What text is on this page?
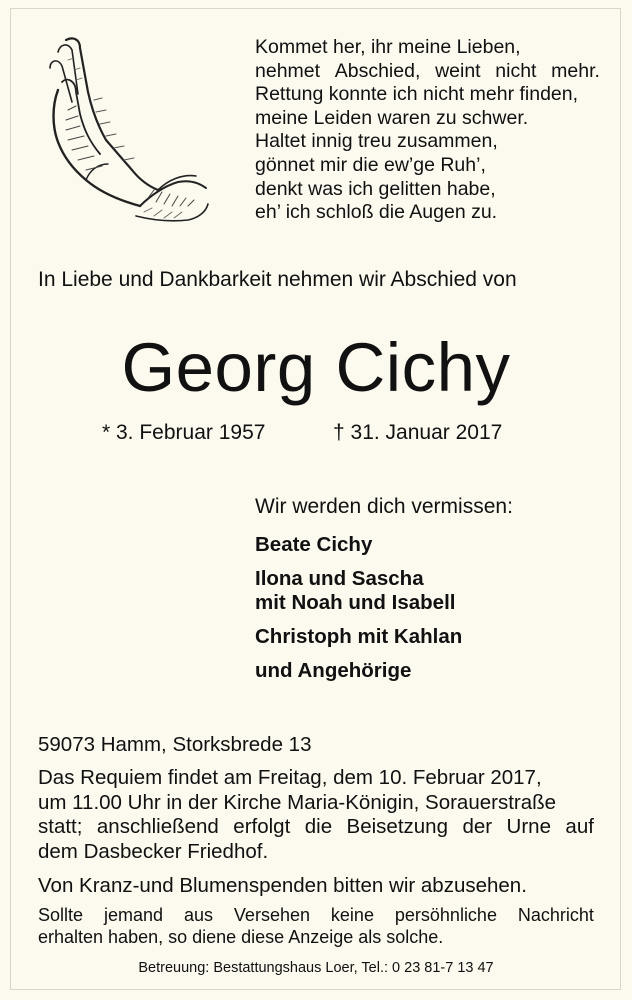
Kommet her, ihr meine Lieben,
nehmet Abschied, weint nicht mehr.
Rettung konnte ich nicht mehr finden,
meine Leiden waren zu schwer.
Haltet innig treu zusammen,
gönnet mir die ew’ge Ruh’,
denkt was ich gelitten habe,
eh’ ich schloß die Augen zu.
In Liebe und Dankbarkeit nehmen wir Abschied von
Georg Cichy
* 3. Februar 1957	† 31. Januar 2017
Wir werden dich vermissen:
Beate Cichy
Ilona und Sascha
mit Noah und Isabell
Christoph mit Kahlan
und Angehörige
59073 Hamm, Storksbrede 13
Das Requiem findet am Freitag, dem 10. Februar 2017,
um 11.00 Uhr in der Kirche Maria-Königin, Sorauerstraße
statt; anschließend erfolgt die Beisetzung der Urne auf
dem Dasbecker Friedhof.
Von Kranz-und Blumenspenden bitten wir abzusehen.
Sollte jemand aus Versehen keine persöhnliche Nachricht
erhalten haben, so diene diese Anzeige als solche.
Betreuung: Bestattungshaus Loer, Tel.: 0 23 81-7 13 47
